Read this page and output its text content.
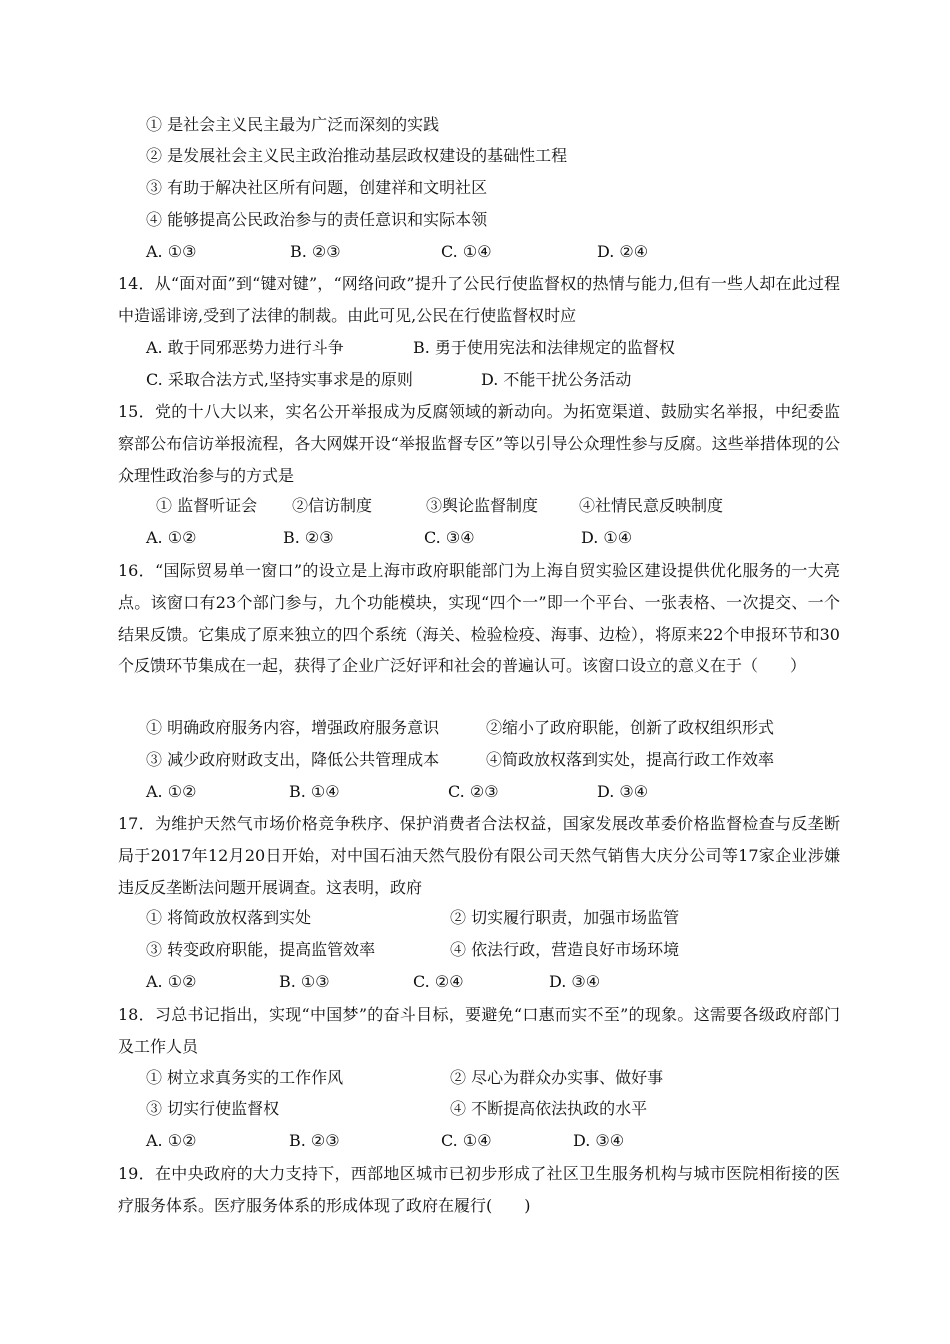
① 是社会主义民主最为广泛而深刻的实践
② 是发展社会主义民主政治推动基层政权建设的基础性工程
③ 有助于解决社区所有问题，创建祥和文明社区
④ 能够提高公民政治参与的责任意识和实际本领
A. ①③	B. ②③	C. ①④	D. ②④
14．从“面对面”到“键对键”，“网络问政”提升了公民行使监督权的热情与能力,但有一些人却在此过程中造谣诽谤,受到了法律的制裁。由此可见,公民在行使监督权时应
A. 敢于同邪恶势力进行斗争	B. 勇于使用宪法和法律规定的监督权
C. 采取合法方式,坚持实事求是的原则	D. 不能干扰公务活动
15．党的十八大以来，实名公开举报成为反腐领域的新动向。为拓宽渠道、鼓励实名举报，中纪委监察部公布信访举报流程，各大网媒开设“举报监督专区”等以引导公众理性参与反腐。这些举措体现的公众理性政治参与的方式是
① 监督听证会 ②信访制度	③舆论监督制度	④社情民意反映制度
A. ①②	B. ②③	C. ③④	D. ①④
16．“国际贸易单一窗口”的设立是上海市政府职能部门为上海自贸实验区建设提供优化服务的一大亮点。该窗口有23个部门参与，九个功能模块，实现“四个一”即一个平台、一张表格、一次提交、一个结果反馈。它集成了原来独立的四个系统（海关、检验检疫、海事、边检），将原来22个申报环节和30个反馈环节集成在一起，获得了企业广泛好评和社会的普遍认可。该窗口设立的意义在于（　　）
① 明确政府服务内容，增强政府服务意识	②缩小了政府职能，创新了政权组织形式
③ 减少政府财政支出，降低公共管理成本	④简政放权落到实处，提高行政工作效率
A. ①②	B. ①④	C. ②③	D. ③④
17．为维护天然气市场价格竞争秩序、保护消费者合法权益，国家发展改革委价格监督检查与反垄断局于2017年12月20日开始，对中国石油天然气股份有限公司天然气销售大庆分公司等17家企业涉嫌违反反垄断法问题开展调查。这表明，政府
① 将简政放权落到实处	② 切实履行职责，加强市场监管
③ 转变政府职能，提高监管效率	④ 依法行政，营造良好市场环境
A. ①②	B. ①③	C. ②④	D. ③④
18．习总书记指出，实现“中国梦”的奋斗目标，要避免“口惠而实不至”的现象。这需要各级政府部门及工作人员
① 树立求真务实的工作作风	② 尽心为群众办实事、做好事
③ 切实行使监督权	④ 不断提高依法执政的水平
A. ①②	B. ②③	C. ①④	D. ③④
19．在中央政府的大力支持下，西部地区城市已初步形成了社区卫生服务机构与城市医院相衔接的医疗服务体系。医疗服务体系的形成体现了政府在履行(　　)
